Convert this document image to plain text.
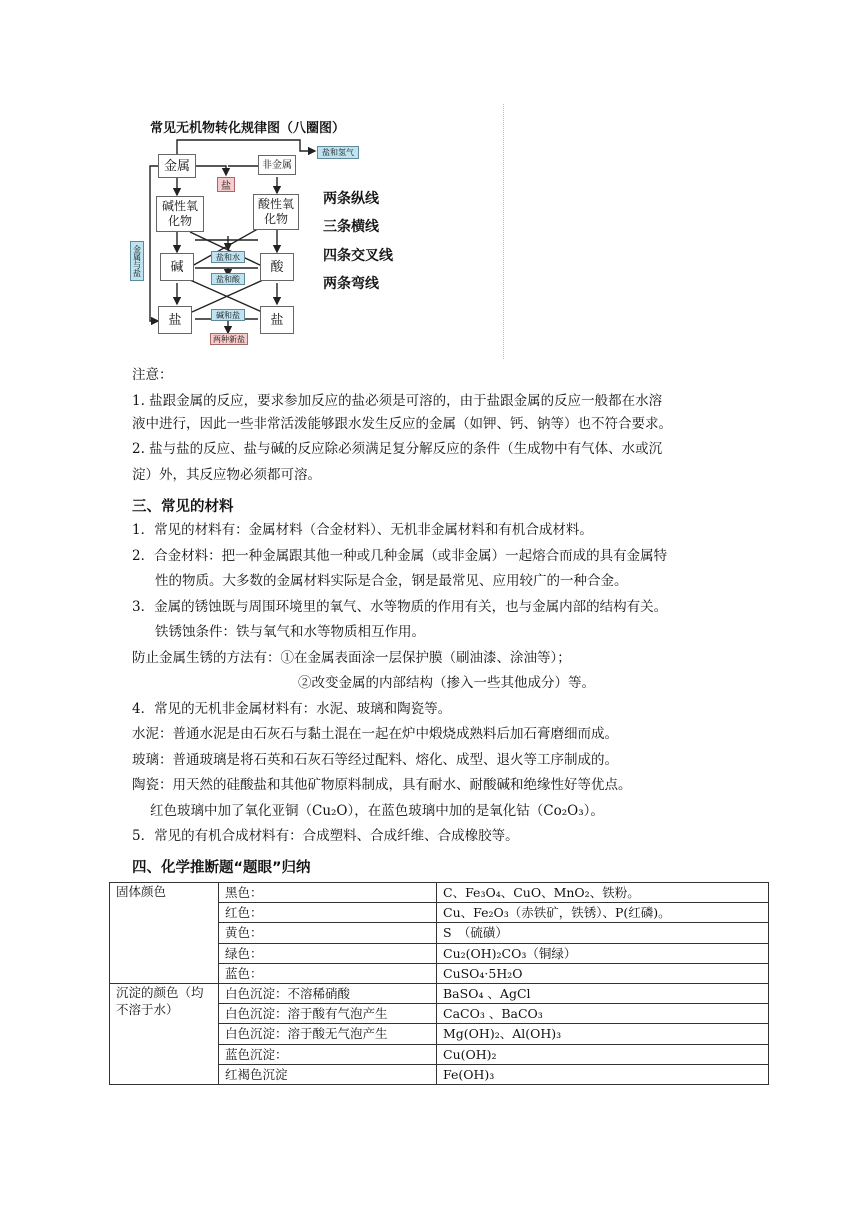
常见无机物转化规律图（八圈图）
金属	非金属
盐和氢气
盐
碱性氧化物
酸性氧化物
盐和水
碱	酸
盐和酸
碱和盐
盐	盐
两种新盐
金属与盐
两条纵线
三条横线
四条交叉线
两条弯线
注意：
1. 盐跟金属的反应，要求参加反应的盐必须是可溶的，由于盐跟金属的反应一般都在水溶
液中进行，因此一些非常活泼能够跟水发生反应的金属（如钾、钙、钠等）也不符合要求。
2. 盐与盐的反应、盐与碱的反应除必须满足复分解反应的条件（生成物中有气体、水或沉
淀）外，其反应物必须都可溶。
三、常见的材料
1．常见的材料有：金属材料（合金材料）、无机非金属材料和有机合成材料。
2．合金材料：把一种金属跟其他一种或几种金属（或非金属）一起熔合而成的具有金属特
性的物质。大多数的金属材料实际是合金，钢是最常见、应用较广的一种合金。
3．金属的锈蚀既与周围环境里的氧气、水等物质的作用有关，也与金属内部的结构有关。
铁锈蚀条件：铁与氧气和水等物质相互作用。
防止金属生锈的方法有：①在金属表面涂一层保护膜（刷油漆、涂油等）；
②改变金属的内部结构（掺入一些其他成分）等。
4．常见的无机非金属材料有：水泥、玻璃和陶瓷等。
水泥：普通水泥是由石灰石与黏土混在一起在炉中煅烧成熟料后加石膏磨细而成。
玻璃：普通玻璃是将石英和石灰石等经过配料、熔化、成型、退火等工序制成的。
陶瓷：用天然的硅酸盐和其他矿物原料制成，具有耐水、耐酸碱和绝缘性好等优点。
红色玻璃中加了氧化亚铜（Cu₂O），在蓝色玻璃中加的是氧化钴（Co₂O₃）。
5．常见的有机合成材料有：合成塑料、合成纤维、合成橡胶等。
四、化学推断题“题眼”归纳
固体颜色	黑色：	C、Fe₃O₄、CuO、MnO₂、铁粉。
	红色：	Cu、Fe₂O₃（赤铁矿，铁锈）、P(红磷)。
	黄色：	S　（硫磺）
	绿色：	Cu₂(OH)₂CO₃（铜绿）
	蓝色：	CuSO₄·5H₂O
沉淀的颜色（均不溶于水）	白色沉淀：不溶稀硝酸	BaSO₄ 、AgCl
	白色沉淀：溶于酸有气泡产生	CaCO₃ 、BaCO₃
	白色沉淀：溶于酸无气泡产生	Mg(OH)₂、Al(OH)₃
	蓝色沉淀：	Cu(OH)₂
	红褐色沉淀	Fe(OH)₃
